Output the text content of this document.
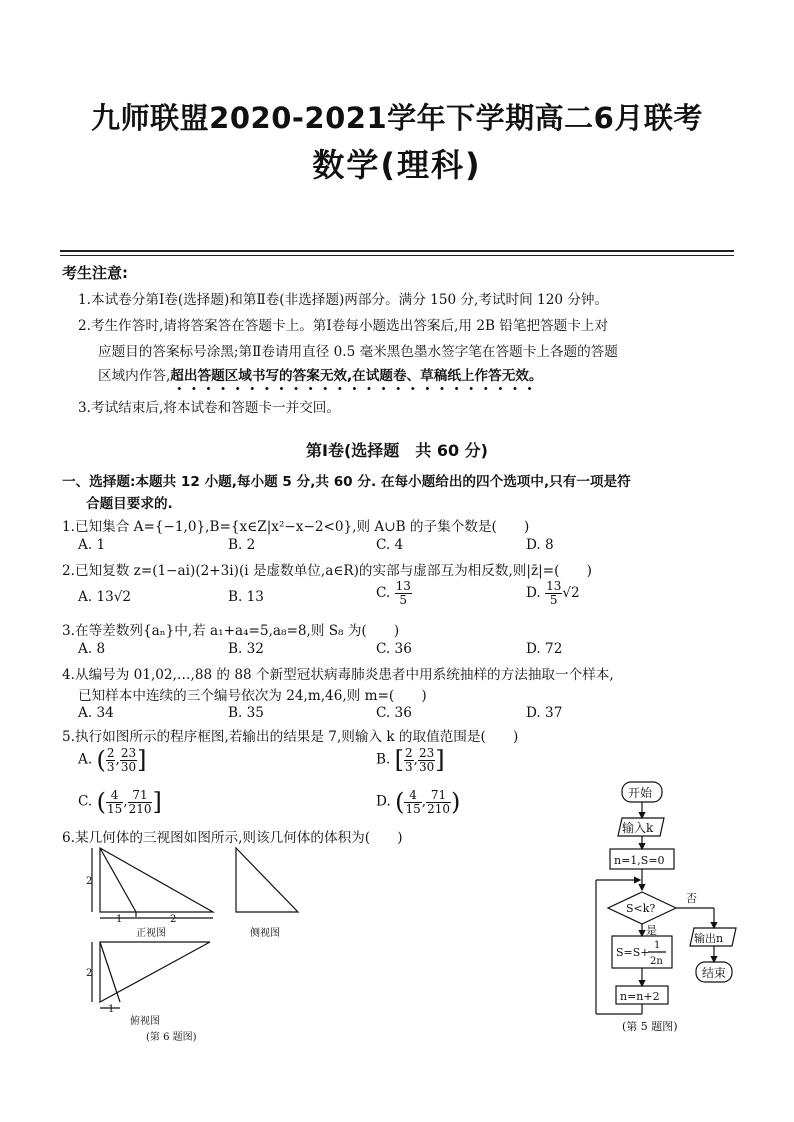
九师联盟2020-2021学年下学期高二6月联考
数学(理科)
考生注意:
1.本试卷分第Ⅰ卷(选择题)和第Ⅱ卷(非选择题)两部分。满分 150 分,考试时间 120 分钟。
2.考生作答时,请将答案答在答题卡上。第Ⅰ卷每小题选出答案后,用 2B 铅笔把答题卡上对
应题目的答案标号涂黑;第Ⅱ卷请用直径 0.5 毫米黑色墨水签字笔在答题卡上各题的答题
区域内作答,超出答题区域书写的答案无效,在试题卷、草稿纸上作答无效。
3.考试结束后,将本试卷和答题卡一并交回。
第Ⅰ卷(选择题　共 60 分)
一、选择题:本题共 12 小题,每小题 5 分,共 60 分. 在每小题给出的四个选项中,只有一项是符
合题目要求的.
1.已知集合 A={−1,0},B={x∈Z|x²−x−2<0},则 A∪B 的子集个数是(　　)
A. 1	B. 2	C. 4	D. 8
2.已知复数 z=(1−ai)(2+3i)(i 是虚数单位,a∈R)的实部与虚部互为相反数,则|z̄|=(　　)
A. 13√2	B. 13	C. $\frac{13}{5}$	D. $\frac{13}{5} √2$
3.在等差数列{aₙ}中,若 a₁+a₄=5,a₈=8,则 S₈ 为(　　)
A. 8	B. 32	C. 36	D. 72
4.从编号为 01,02,…,88 的 88 个新型冠状病毒肺炎患者中用系统抽样的方法抽取一个样本,
已知样本中连续的三个编号依次为 24,m,46,则 m=(　　)
A. 34	B. 35	C. 36	D. 37
5.执行如图所示的程序框图,若输出的结果是 7,则输入 k 的取值范围是(　　)
A. ( $\frac{2}{3}$ , $\frac{23}{30}$ ]	B. [ $\frac{2}{3}$ , $\frac{23}{30}$ ]
C. ( $\frac{4}{15}$ , $\frac{71}{210}$ ]	D. ( $\frac{4}{15}$ , $\frac{71}{210}$ )
6.某几何体的三视图如图所示,则该几何体的体积为(　　)
2
1	2
正视图	侧视图
2
1
俯视图
(第 6 题图)
开始
输入k
n=1,S=0
S<k?
否
输出n
结束
是
S=S+
1
2n
n=n+2
(第 5 题图)
